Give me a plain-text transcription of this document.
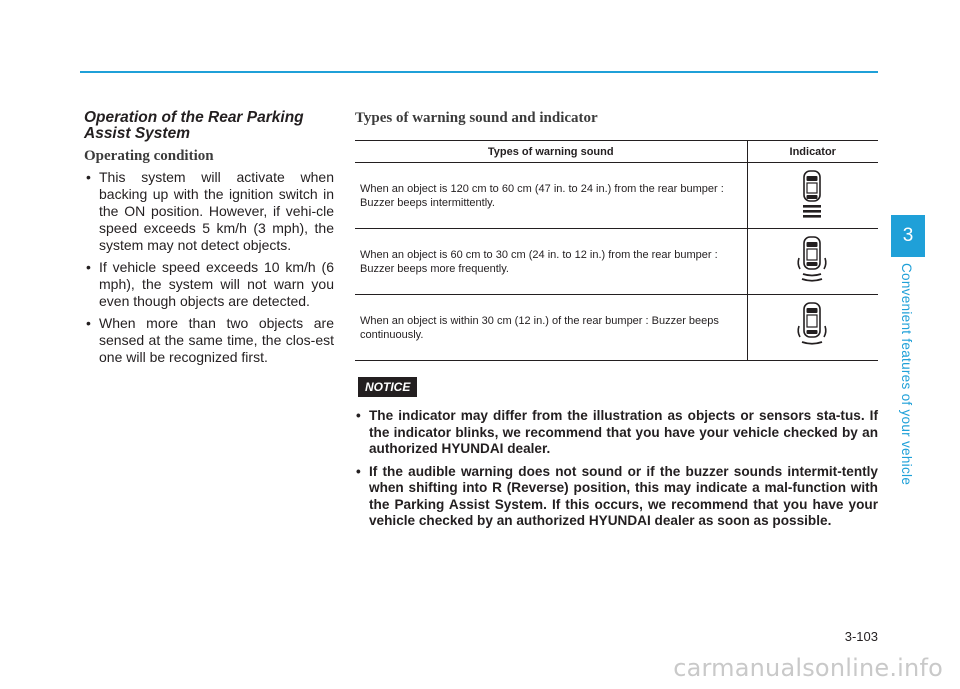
Operation of the Rear Parking Assist System
Operating condition
• This system will activate when backing up with the ignition switch in the ON position. However, if vehi-cle speed exceeds 5 km/h (3 mph), the system may not detect objects.
• If vehicle speed exceeds 10 km/h (6 mph), the system will not warn you even though objects are detected.
• When more than two objects are sensed at the same time, the clos-est one will be recognized first.
Types of warning sound and indicator
Types of warning sound	Indicator
When an object is 120 cm to 60 cm (47 in. to 24 in.) from the rear bumper : Buzzer beeps intermittently.	

When an object is 60 cm to 30 cm (24 in. to 12 in.) from the rear bumper : Buzzer beeps more frequently.	

When an object is within 30 cm (12 in.) of the rear bumper : Buzzer beeps continuously.	
NOTICE
• The indicator may differ from the illustration as objects or sensors sta-tus. If the indicator blinks, we recommend that you have your vehicle checked by an authorized HYUNDAI dealer.
• If the audible warning does not sound or if the buzzer sounds intermit-tently when shifting into R (Reverse) position, this may indicate a mal-function with the Parking Assist System. If this occurs, we recommend that you have your vehicle checked by an authorized HYUNDAI dealer as soon as possible.
3
Convenient features of your vehicle
3-103
carmanualsonline.info
